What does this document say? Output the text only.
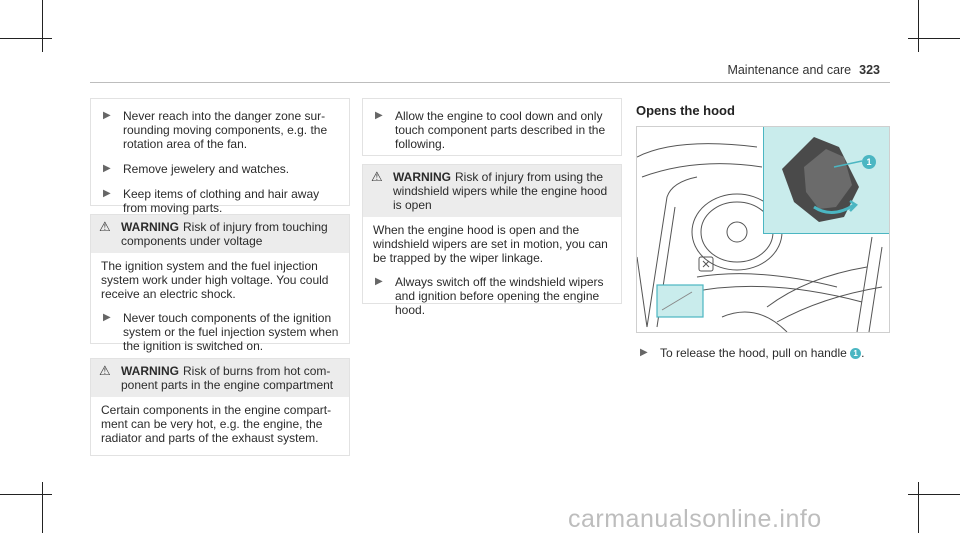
Maintenance and care 323
▶	Never reach into the danger zone surrounding moving components, e.g. the rotation area of the fan.
▶	Remove jewelery and watches.
▶	Keep items of clothing and hair away from moving parts.
⚠ WARNING Risk of injury from touching components under voltage

The ignition system and the fuel injection system work under high voltage. You could receive an electric shock.

▶	Never touch components of the ignition system or the fuel injection system when the ignition is switched on.
⚠ WARNING Risk of burns from hot component parts in the engine compartment

Certain components in the engine compartment can be very hot, e.g. the engine, the radiator and parts of the exhaust system.

▶	Allow the engine to cool down and only touch component parts described in the following.
⚠ WARNING Risk of injury from using the windshield wipers while the engine hood is open

When the engine hood is open and the windshield wipers are set in motion, you can be trapped by the wiper linkage.

▶	Always switch off the windshield wipers and ignition before opening the engine hood.
Opens the hood
1
▶	To release the hood, pull on handle 1 .
carmanualsonline.info
